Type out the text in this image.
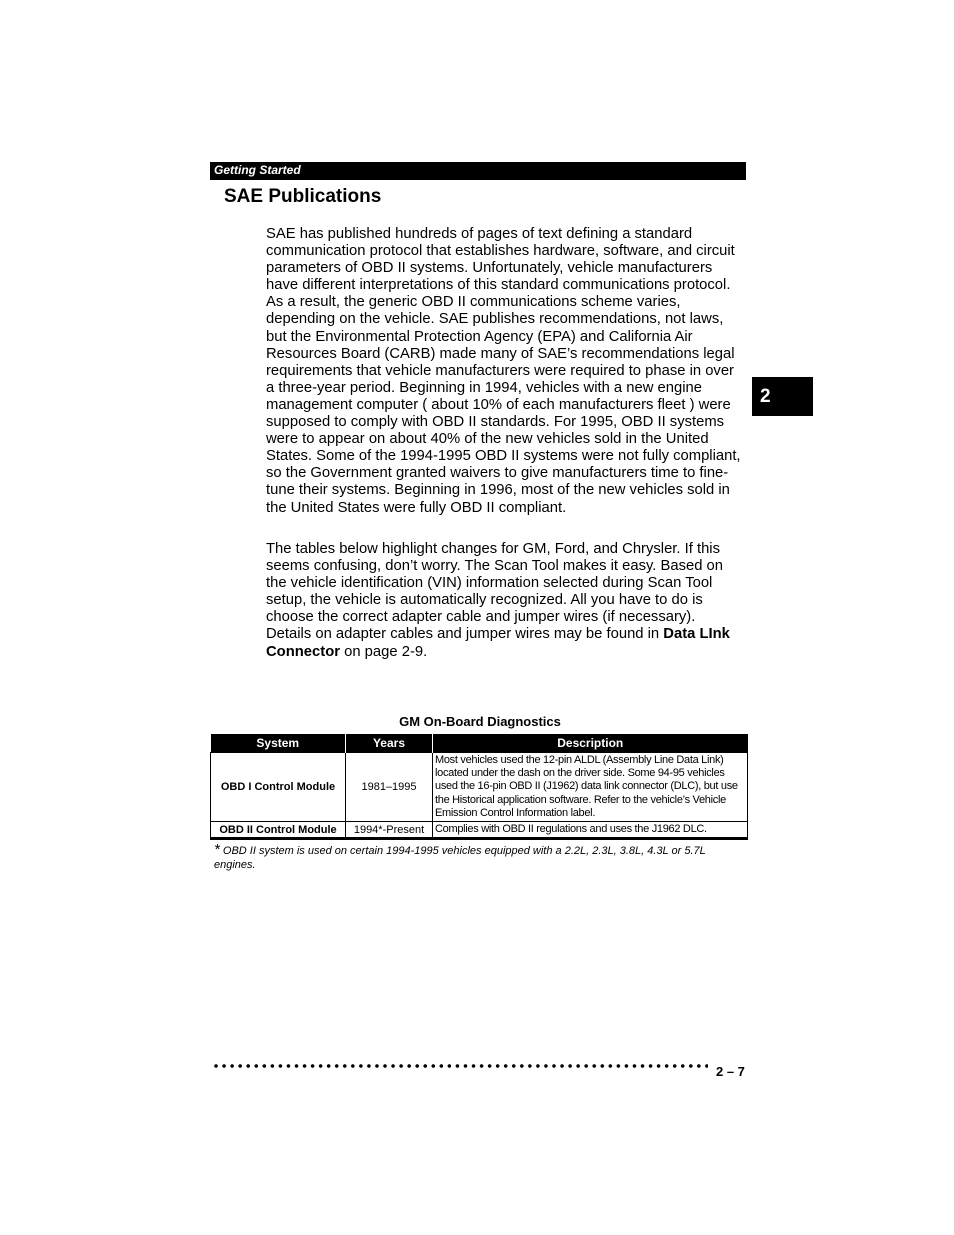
Getting Started
SAE Publications

SAE has published hundreds of pages of text defining a standard communication protocol that establishes hardware, software, and circuit parameters of OBD II systems. Unfortunately, vehicle manufacturers have different interpretations of this standard communications protocol. As a result, the generic OBD II communications scheme varies, depending on the vehicle. SAE publishes recommendations, not laws, but the Environmental Protection Agency (EPA) and California Air Resources Board (CARB) made many of SAE’s recommendations legal requirements that vehicle manufacturers were required to phase in over a three-year period. Beginning in 1994, vehicles with a new engine management computer ( about 10% of each manufacturers fleet ) were supposed to comply with OBD II standards. For 1995, OBD II systems were to appear on about 40% of the new vehicles sold in the United States. Some of the 1994-1995 OBD II systems were not fully compliant, so the Government granted waivers to give manufacturers time to fine-tune their systems. Beginning in 1996, most of the new vehicles sold in the United States were fully OBD II compliant.

The tables below highlight changes for GM, Ford, and Chrysler. If this seems confusing, don’t worry. The Scan Tool makes it easy. Based on the vehicle identification (VIN) information selected during Scan Tool setup, the vehicle is automatically recognized. All you have to do is choose the correct adapter cable and jumper wires (if necessary). Details on adapter cables and jumper wires may be found in Data LInk Connector on page 2-9.

2
GM On-Board Diagnostics
System	Years	Description
OBD I Control Module	1981–1995	Most vehicles used the 12-pin ALDL (Assembly Line Data Link) located under the dash on the driver side. Some 94-95 vehicles used the 16-pin OBD II (J1962) data link connector (DLC), but use the Historical application software. Refer to the vehicle’s Vehicle Emission Control Information label.
OBD II Control Module	1994*-Present	Complies with OBD II regulations and uses the J1962 DLC.
* OBD II system is used on certain 1994-1995 vehicles equipped with a 2.2L, 2.3L, 3.8L, 4.3L or 5.7L engines.
2 – 7
